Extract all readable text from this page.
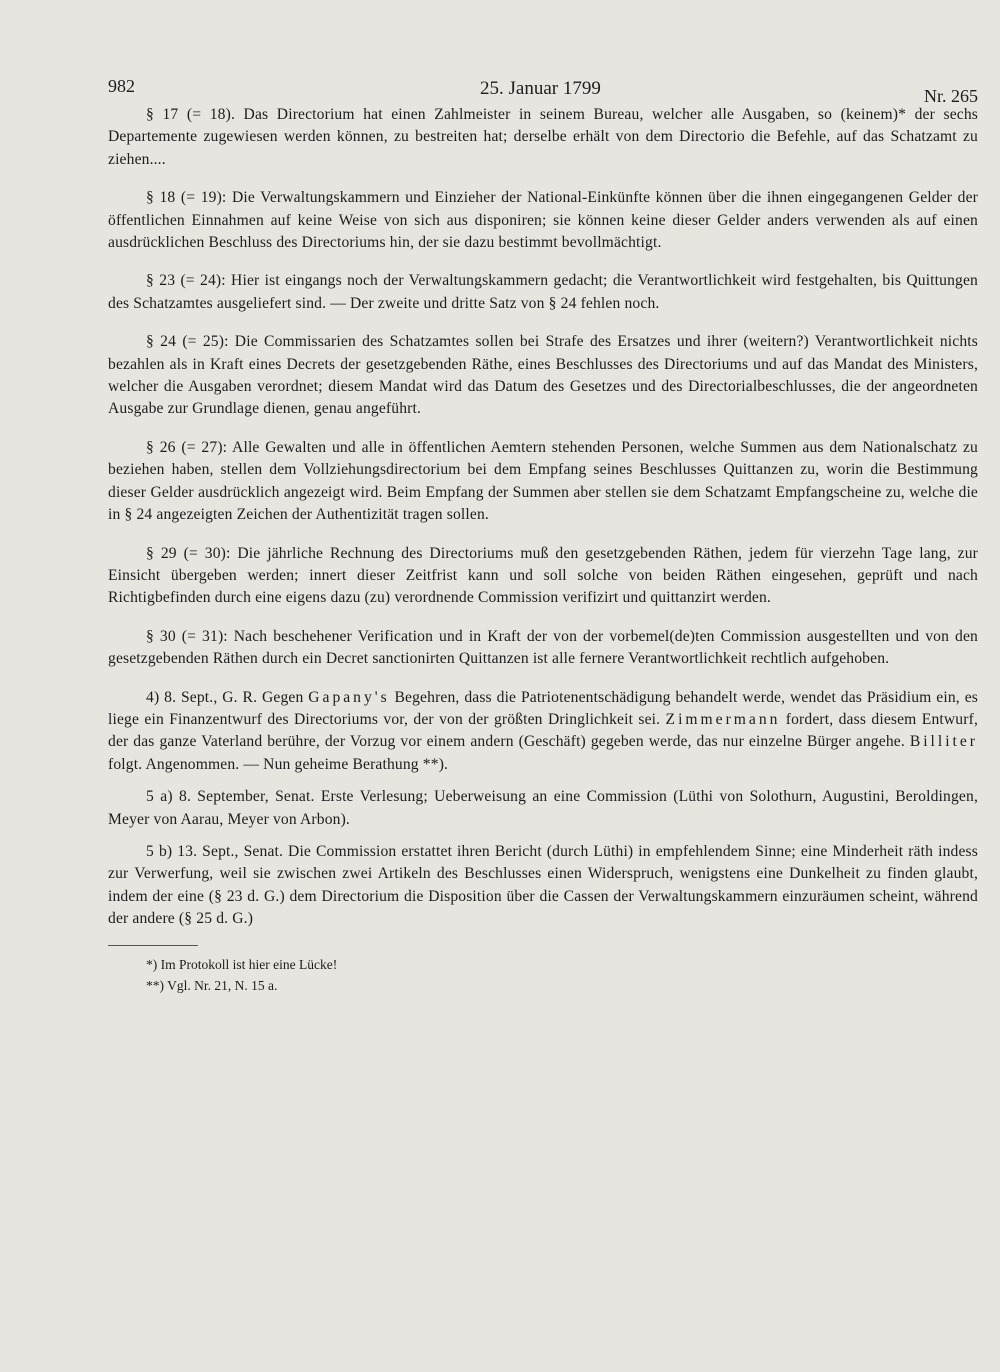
982	25. Januar 1799	Nr. 265

§ 17 (= 18). Das Directorium hat einen Zahlmeister in seinem Bureau, welcher alle Ausgaben, so (keinem)* der sechs Departemente zugewiesen werden können, zu bestreiten hat; derselbe erhält von dem Directorio die Befehle, auf das Schatzamt zu ziehen....

§ 18 (= 19): Die Verwaltungskammern und Einzieher der National-Einkünfte können über die ihnen eingegangenen Gelder der öffentlichen Einnahmen auf keine Weise von sich aus disponiren; sie können keine dieser Gelder anders verwenden als auf einen ausdrücklichen Beschluss des Directoriums hin, der sie dazu bestimmt bevollmächtigt.

§ 23 (= 24): Hier ist eingangs noch der Verwaltungskammern gedacht; die Verantwortlichkeit wird festgehalten, bis Quittungen des Schatzamtes ausgeliefert sind. — Der zweite und dritte Satz von § 24 fehlen noch.

§ 24 (= 25): Die Commissarien des Schatzamtes sollen bei Strafe des Ersatzes und ihrer (weitern?) Verantwortlichkeit nichts bezahlen als in Kraft eines Decrets der gesetzgebenden Räthe, eines Beschlusses des Directoriums und auf das Mandat des Ministers, welcher die Ausgaben verordnet; diesem Mandat wird das Datum des Gesetzes und des Directorialbeschlusses, die der angeordneten Ausgabe zur Grundlage dienen, genau angeführt.

§ 26 (= 27): Alle Gewalten und alle in öffentlichen Aemtern stehenden Personen, welche Summen aus dem Nationalschatz zu beziehen haben, stellen dem Vollziehungsdirectorium bei dem Empfang seines Beschlusses Quittanzen zu, worin die Bestimmung dieser Gelder ausdrücklich angezeigt wird. Beim Empfang der Summen aber stellen sie dem Schatzamt Empfangscheine zu, welche die in § 24 angezeigten Zeichen der Authentizität tragen sollen.

§ 29 (= 30): Die jährliche Rechnung des Directoriums muß den gesetzgebenden Räthen, jedem für vierzehn Tage lang, zur Einsicht übergeben werden; innert dieser Zeitfrist kann und soll solche von beiden Räthen eingesehen, geprüft und nach Richtigbefinden durch eine eigens dazu (zu) verordnende Commission verifizirt und quittanzirt werden.

§ 30 (= 31): Nach beschehener Verification und in Kraft der von der vorbemel(de)ten Commission ausgestellten und von den gesetzgebenden Räthen durch ein Decret sanctionirten Quittanzen ist alle fernere Verantwortlichkeit rechtlich aufgehoben.

4) 8. Sept., G. R. Gegen Gapany's Begehren, dass die Patriotenentschädigung behandelt werde, wendet das Präsidium ein, es liege ein Finanzentwurf des Directoriums vor, der von der größten Dringlichkeit sei. Zimmermann fordert, dass diesem Entwurf, der das ganze Vaterland berühre, der Vorzug vor einem andern (Geschäft) gegeben werde, das nur einzelne Bürger angehe. Billiter folgt. Angenommen. — Nun geheime Berathung **).

5 a) 8. September, Senat. Erste Verlesung; Ueberweisung an eine Commission (Lüthi von Solothurn, Augustini, Beroldingen, Meyer von Aarau, Meyer von Arbon).

5 b) 13. Sept., Senat. Die Commission erstattet ihren Bericht (durch Lüthi) in empfehlendem Sinne; eine Minderheit räth indess zur Verwerfung, weil sie zwischen zwei Artikeln des Beschlusses einen Widerspruch, wenigstens eine Dunkelheit zu finden glaubt, indem der eine (§ 23 d. G.) dem Directorium die Disposition über die Cassen der Verwaltungskammern einzuräumen scheint, während der andere (§ 25 d. G.)

*) Im Protokoll ist hier eine Lücke!

**) Vgl. Nr. 21, N. 15 a.
